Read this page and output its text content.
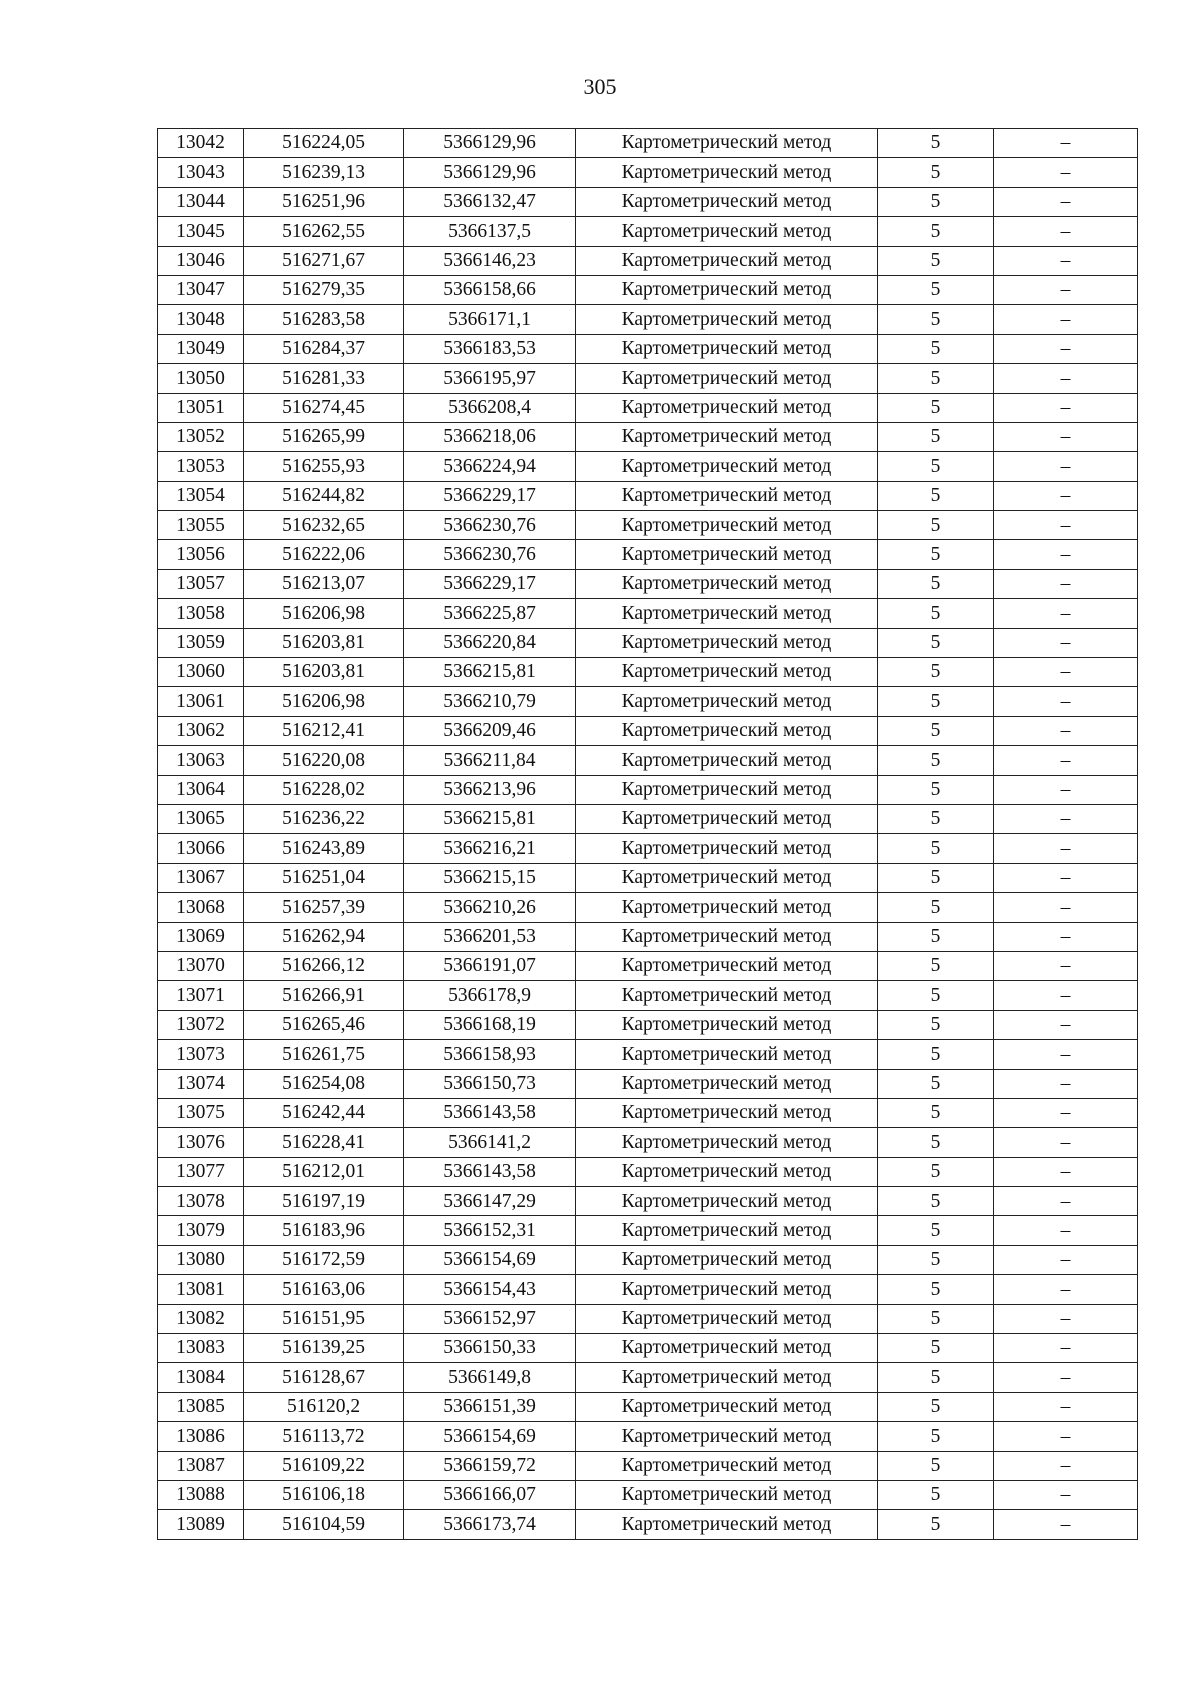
305
13042	516224,05	5366129,96	Картометрический метод	5	–
13043	516239,13	5366129,96	Картометрический метод	5	–
13044	516251,96	5366132,47	Картометрический метод	5	–
13045	516262,55	5366137,5	Картометрический метод	5	–
13046	516271,67	5366146,23	Картометрический метод	5	–
13047	516279,35	5366158,66	Картометрический метод	5	–
13048	516283,58	5366171,1	Картометрический метод	5	–
13049	516284,37	5366183,53	Картометрический метод	5	–
13050	516281,33	5366195,97	Картометрический метод	5	–
13051	516274,45	5366208,4	Картометрический метод	5	–
13052	516265,99	5366218,06	Картометрический метод	5	–
13053	516255,93	5366224,94	Картометрический метод	5	–
13054	516244,82	5366229,17	Картометрический метод	5	–
13055	516232,65	5366230,76	Картометрический метод	5	–
13056	516222,06	5366230,76	Картометрический метод	5	–
13057	516213,07	5366229,17	Картометрический метод	5	–
13058	516206,98	5366225,87	Картометрический метод	5	–
13059	516203,81	5366220,84	Картометрический метод	5	–
13060	516203,81	5366215,81	Картометрический метод	5	–
13061	516206,98	5366210,79	Картометрический метод	5	–
13062	516212,41	5366209,46	Картометрический метод	5	–
13063	516220,08	5366211,84	Картометрический метод	5	–
13064	516228,02	5366213,96	Картометрический метод	5	–
13065	516236,22	5366215,81	Картометрический метод	5	–
13066	516243,89	5366216,21	Картометрический метод	5	–
13067	516251,04	5366215,15	Картометрический метод	5	–
13068	516257,39	5366210,26	Картометрический метод	5	–
13069	516262,94	5366201,53	Картометрический метод	5	–
13070	516266,12	5366191,07	Картометрический метод	5	–
13071	516266,91	5366178,9	Картометрический метод	5	–
13072	516265,46	5366168,19	Картометрический метод	5	–
13073	516261,75	5366158,93	Картометрический метод	5	–
13074	516254,08	5366150,73	Картометрический метод	5	–
13075	516242,44	5366143,58	Картометрический метод	5	–
13076	516228,41	5366141,2	Картометрический метод	5	–
13077	516212,01	5366143,58	Картометрический метод	5	–
13078	516197,19	5366147,29	Картометрический метод	5	–
13079	516183,96	5366152,31	Картометрический метод	5	–
13080	516172,59	5366154,69	Картометрический метод	5	–
13081	516163,06	5366154,43	Картометрический метод	5	–
13082	516151,95	5366152,97	Картометрический метод	5	–
13083	516139,25	5366150,33	Картометрический метод	5	–
13084	516128,67	5366149,8	Картометрический метод	5	–
13085	516120,2	5366151,39	Картометрический метод	5	–
13086	516113,72	5366154,69	Картометрический метод	5	–
13087	516109,22	5366159,72	Картометрический метод	5	–
13088	516106,18	5366166,07	Картометрический метод	5	–
13089	516104,59	5366173,74	Картометрический метод	5	–
